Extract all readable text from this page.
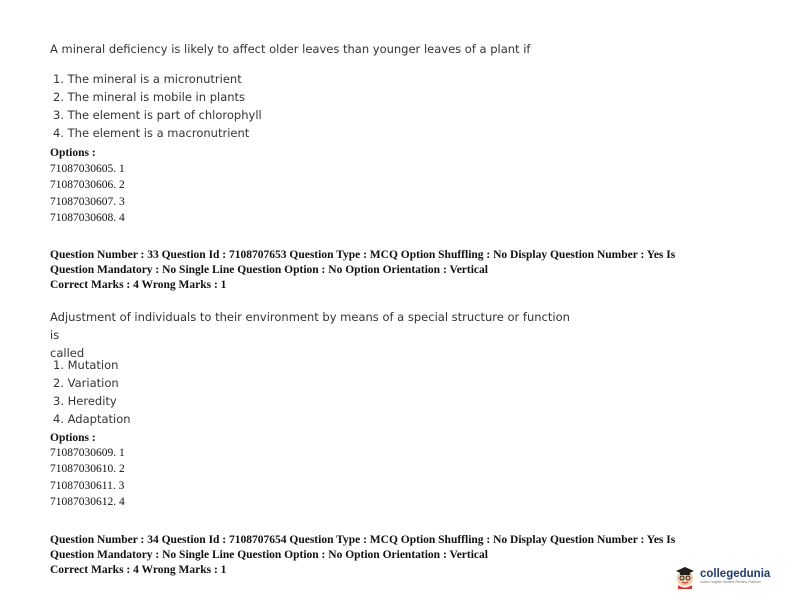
A mineral deficiency is likely to affect older leaves than younger leaves of a plant if
1. The mineral is a micronutrient
2. The mineral is mobile in plants
3. The element is part of chlorophyll
4. The element is a macronutrient
Options :
71087030605. 1
71087030606. 2
71087030607. 3
71087030608. 4
Question Number : 33 Question Id : 7108707653 Question Type : MCQ Option Shuffling : No Display Question Number : Yes Is
Question Mandatory : No Single Line Question Option : No Option Orientation : Vertical
Correct Marks : 4 Wrong Marks : 1
Adjustment of individuals to their environment by means of a special structure or function is
called
1. Mutation
2. Variation
3. Heredity
4. Adaptation
Options :
71087030609. 1
71087030610. 2
71087030611. 3
71087030612. 4
Question Number : 34 Question Id : 7108707654 Question Type : MCQ Option Shuffling : No Display Question Number : Yes Is
Question Mandatory : No Single Line Question Option : No Option Orientation : Vertical
Correct Marks : 4 Wrong Marks : 1	collegedunia
India's largest Student Review Platform
